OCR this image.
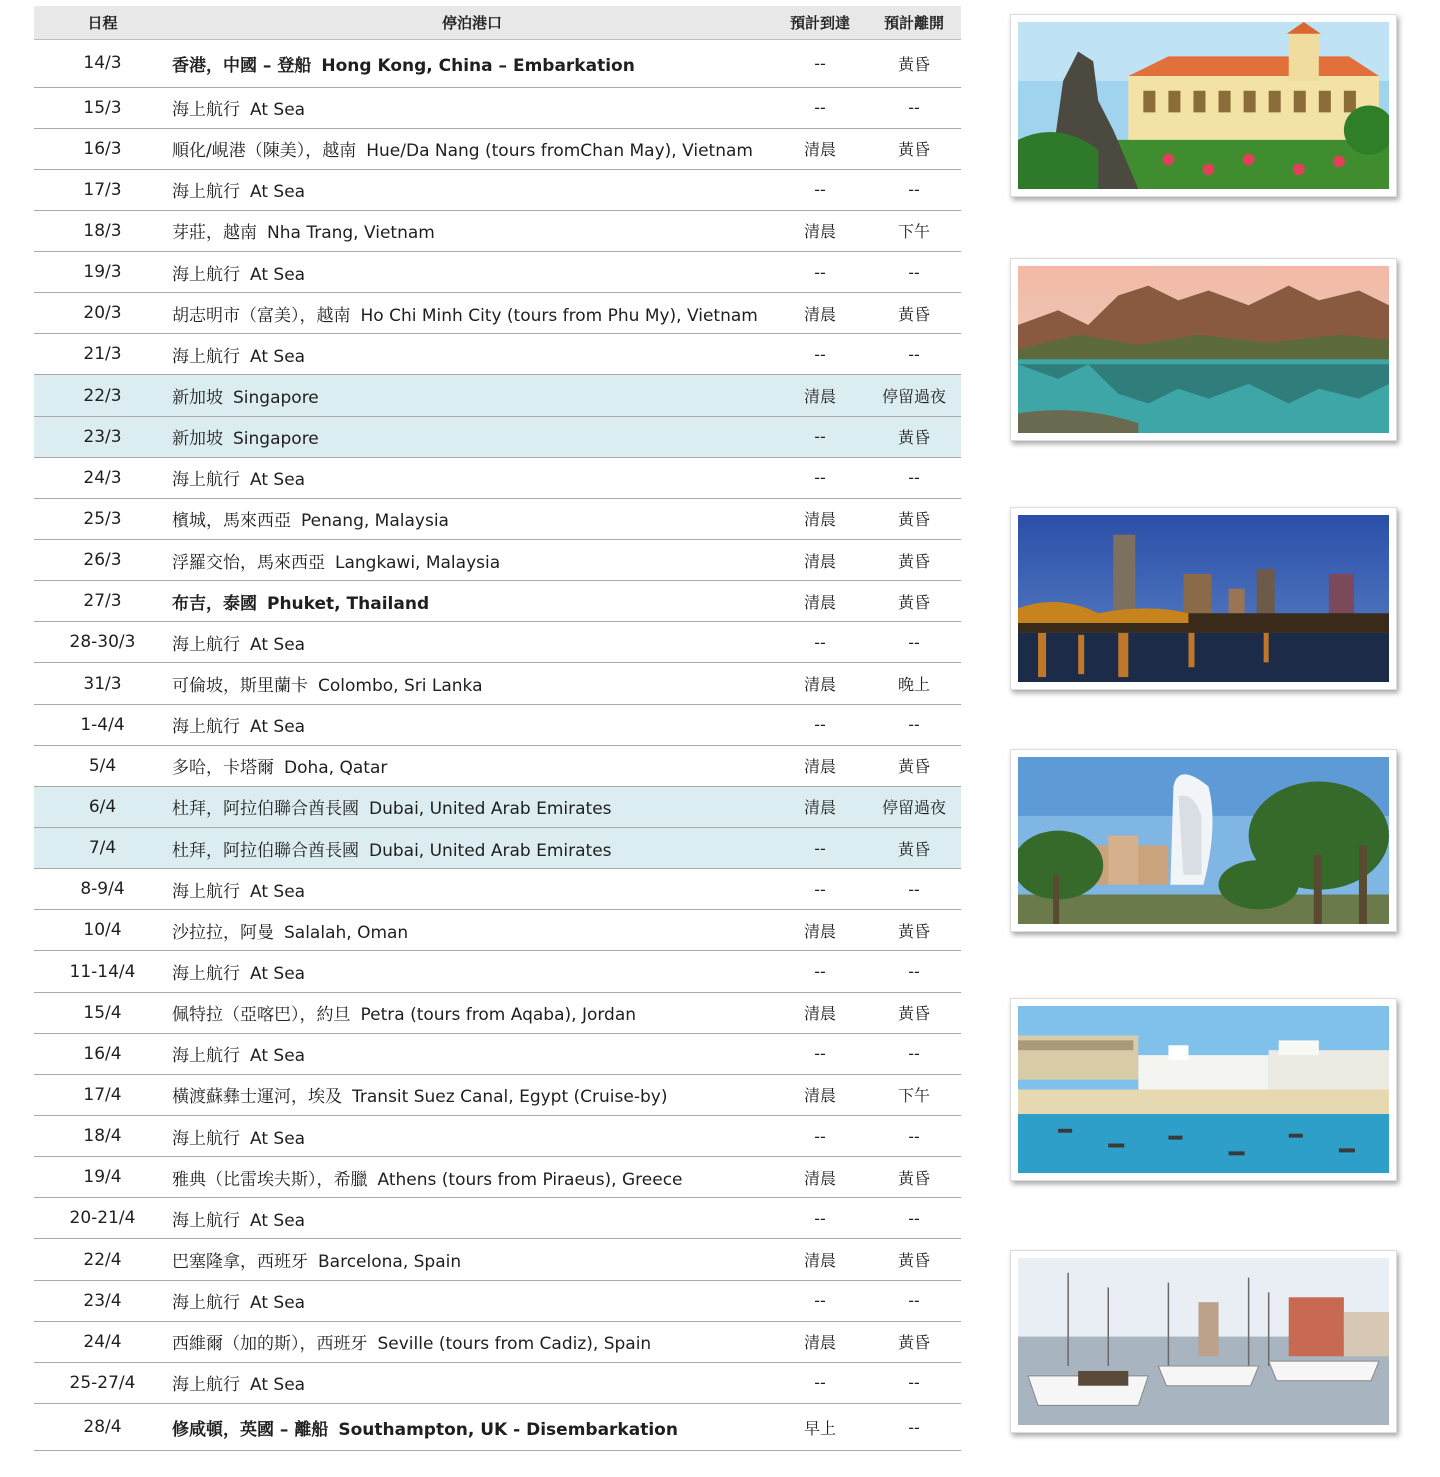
日程	停泊港口	預計到達	預計離開
14/3	香港，中國 – 登船 Hong Kong, China – Embarkation	--	黃昏
15/3	海上航行 At Sea	--	--
16/3	順化/峴港（陳美），越南 Hue/Da Nang (tours fromChan May), Vietnam	清晨	黃昏
17/3	海上航行 At Sea	--	--
18/3	芽莊，越南 Nha Trang, Vietnam	清晨	下午
19/3	海上航行 At Sea	--	--
20/3	胡志明市（富美），越南 Ho Chi Minh City (tours from Phu My), Vietnam	清晨	黃昏
21/3	海上航行 At Sea	--	--
22/3	新加坡 Singapore	清晨	停留過夜
23/3	新加坡 Singapore	--	黃昏
24/3	海上航行 At Sea	--	--
25/3	檳城，馬來西亞 Penang, Malaysia	清晨	黃昏
26/3	浮羅交怡，馬來西亞 Langkawi, Malaysia	清晨	黃昏
27/3	布吉，泰國 Phuket, Thailand	清晨	黃昏
28-30/3	海上航行 At Sea	--	--
31/3	可倫坡，斯里蘭卡 Colombo, Sri Lanka	清晨	晚上
1-4/4	海上航行 At Sea	--	--
5/4	多哈，卡塔爾 Doha, Qatar	清晨	黃昏
6/4	杜拜，阿拉伯聯合酋長國 Dubai, United Arab Emirates	清晨	停留過夜
7/4	杜拜，阿拉伯聯合酋長國 Dubai, United Arab Emirates	--	黃昏
8-9/4	海上航行 At Sea	--	--
10/4	沙拉拉，阿曼 Salalah, Oman	清晨	黃昏
11-14/4	海上航行 At Sea	--	--
15/4	佩特拉（亞喀巴），約旦 Petra (tours from Aqaba), Jordan	清晨	黃昏
16/4	海上航行 At Sea	--	--
17/4	橫渡蘇彝士運河，埃及 Transit Suez Canal, Egypt (Cruise-by)	清晨	下午
18/4	海上航行 At Sea	--	--
19/4	雅典（比雷埃夫斯），希臘 Athens (tours from Piraeus), Greece	清晨	黃昏
20-21/4	海上航行 At Sea	--	--
22/4	巴塞隆拿，西班牙 Barcelona, Spain	清晨	黃昏
23/4	海上航行 At Sea	--	--
24/4	西維爾（加的斯），西班牙 Seville (tours from Cadiz), Spain	清晨	黃昏
25-27/4	海上航行 At Sea	--	--
28/4	修咸頓，英國 – 離船 Southampton, UK - Disembarkation	早上	--
